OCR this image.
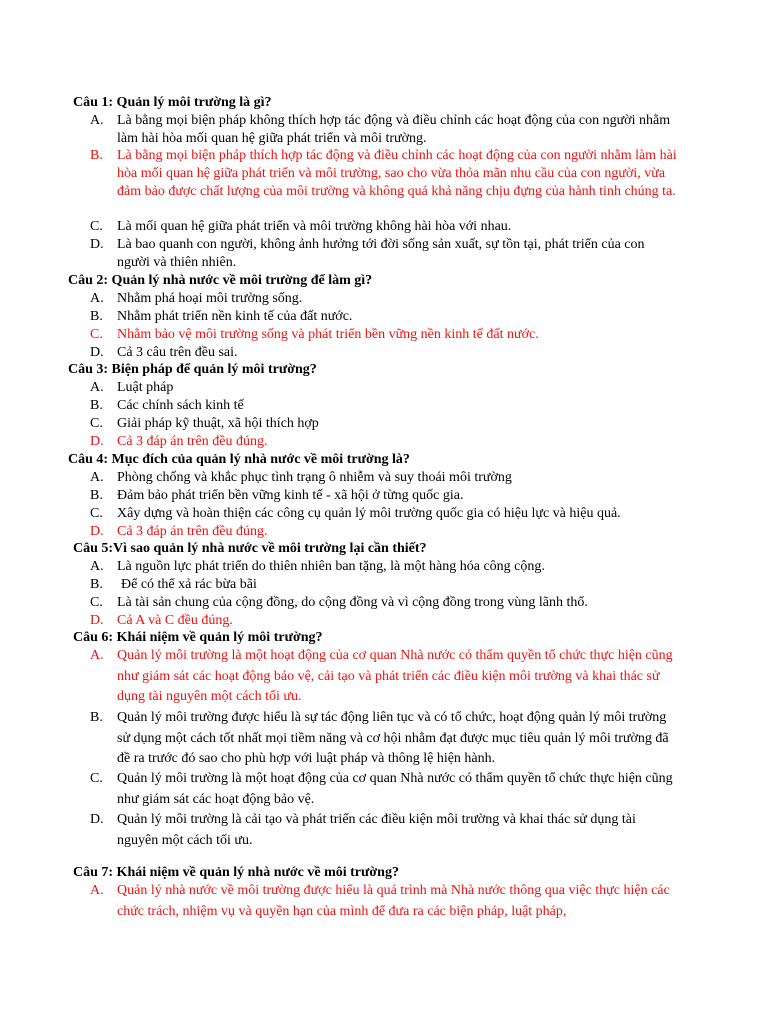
Câu 1: Quản lý môi trường là gì?
A. Là bằng mọi biện pháp không thích hợp tác động và điều chỉnh các hoạt động của con người nhằm làm hài hòa mối quan hệ giữa phát triển và môi trường.
B. Là bằng mọi biện pháp thích hợp tác động và điều chỉnh các hoạt động của con người nhằm làm hài hòa mối quan hệ giữa phát triển và môi trường, sao cho vừa thỏa mãn nhu cầu của con người, vừa đảm bảo được chất lượng của môi trường và không quá khả năng chịu đựng của hành tinh chúng ta.
C. Là mối quan hệ giữa phát triển và môi trường không hài hòa với nhau.
D. Là bao quanh con người, không ảnh hưởng tới đời sống sản xuất, sự tồn tại, phát triển của con người và thiên nhiên.
Câu 2: Quản lý nhà nước về môi trường để làm gì?
A. Nhằm phá hoại môi trường sống.
B. Nhằm phát triển nền kinh tế của đất nước.
C. Nhằm bảo vệ môi trường sống và phát triển bền vững nền kinh tế đất nước.
D. Cả 3 câu trên đều sai.
Câu 3: Biện pháp để quản lý môi trường?
A. Luật pháp
B. Các chính sách kinh tế
C. Giải pháp kỹ thuật, xã hội thích hợp
D. Cả 3 đáp án trên đều đúng.
Câu 4: Mục đích của quản lý nhà nước về môi trường là?
A. Phòng chống và khắc phục tình trạng ô nhiễm và suy thoái môi trường
B. Đảm bảo phát triển bền vững kinh tế - xã hội ở từng quốc gia.
C. Xây dựng và hoàn thiện các công cụ quản lý môi trường quốc gia có hiệu lực và hiệu quả.
D. Cả 3 đáp án trên đều đúng.
Câu 5:Vì sao quản lý nhà nước về môi trường lại cần thiết?
A. Là nguồn lực phát triển do thiên nhiên ban tặng, là một hàng hóa công cộng.
B. Để có thể xả rác bừa bãi
C. Là tài sản chung của cộng đồng, do cộng đồng và vì cộng đồng trong vùng lãnh thổ.
D. Cả A và C đều đúng.
Câu 6: Khái niệm về quản lý môi trường?
A. Quản lý môi trường là một hoạt động của cơ quan Nhà nước có thẩm quyền tổ chức thực hiện cũng như giám sát các hoạt động bảo vệ, cải tạo và phát triển các điều kiện môi trường và khai thác sử dụng tài nguyên một cách tối ưu.
B. Quản lý môi trường được hiểu là sự tác động liên tục và có tổ chức, hoạt động quản lý môi trường sử dụng một cách tốt nhất mọi tiềm năng và cơ hội nhằm đạt được mục tiêu quản lý môi trường đã đề ra trước đó sao cho phù hợp với luật pháp và thông lệ hiện hành.
C. Quản lý môi trường là một hoạt động của cơ quan Nhà nước có thẩm quyền tổ chức thực hiện cũng như giám sát các hoạt động bảo vệ.
D. Quản lý môi trường là cải tạo và phát triển các điều kiện môi trường và khai thác sử dụng tài nguyên một cách tối ưu.
Câu 7: Khái niệm về quản lý nhà nước về môi trường?
A. Quản lý nhà nước về môi trường được hiểu là quá trình mà Nhà nước thông qua việc thực hiện các chức trách, nhiệm vụ và quyền hạn của mình để đưa ra các biện pháp, luật pháp,
